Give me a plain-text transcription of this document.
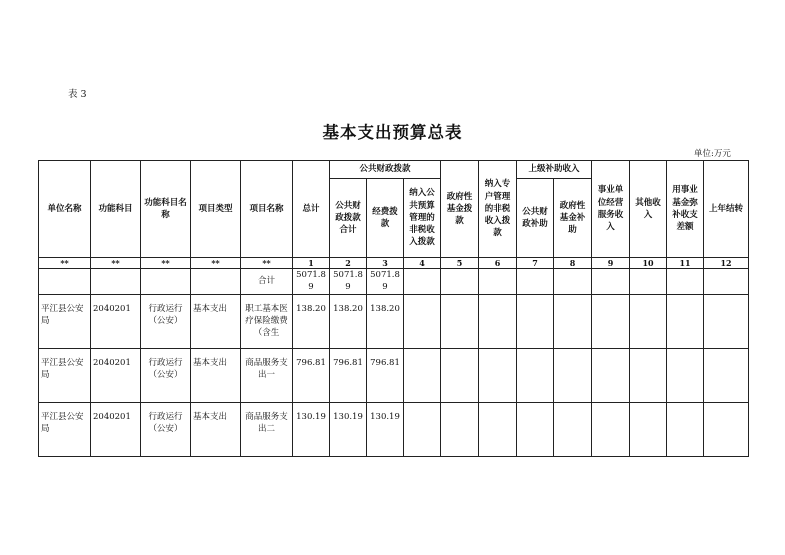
表 3
基本支出预算总表
单位:万元
单位名称	功能科目	功能科目名称	项目类型	项目名称	总计	公共财政拨款			政府性基金拨款	纳入专户管理的非税收入拨款	上级补助收入		事业单位经营服务收入	其他收入	用事业基金弥补收支差额	上年结转
						公共财政拨款合计	经费拨款	纳入公共预算管理的非税收入拨款			公共财政补助	政府性基金补助				
**	**	**	**	**	1	2	3	4	5	6	7	8	9	10	11	12
				合计	5071.89	5071.89	5071.89									
平江县公安局	2040201	行政运行（公安）	基本支出	职工基本医疗保险缴费（含生	138.20	138.20	138.20									
平江县公安局	2040201	行政运行（公安）	基本支出	商品服务支出一	796.81	796.81	796.81									
平江县公安局	2040201	行政运行（公安）	基本支出	商品服务支出二	130.19	130.19	130.19									
